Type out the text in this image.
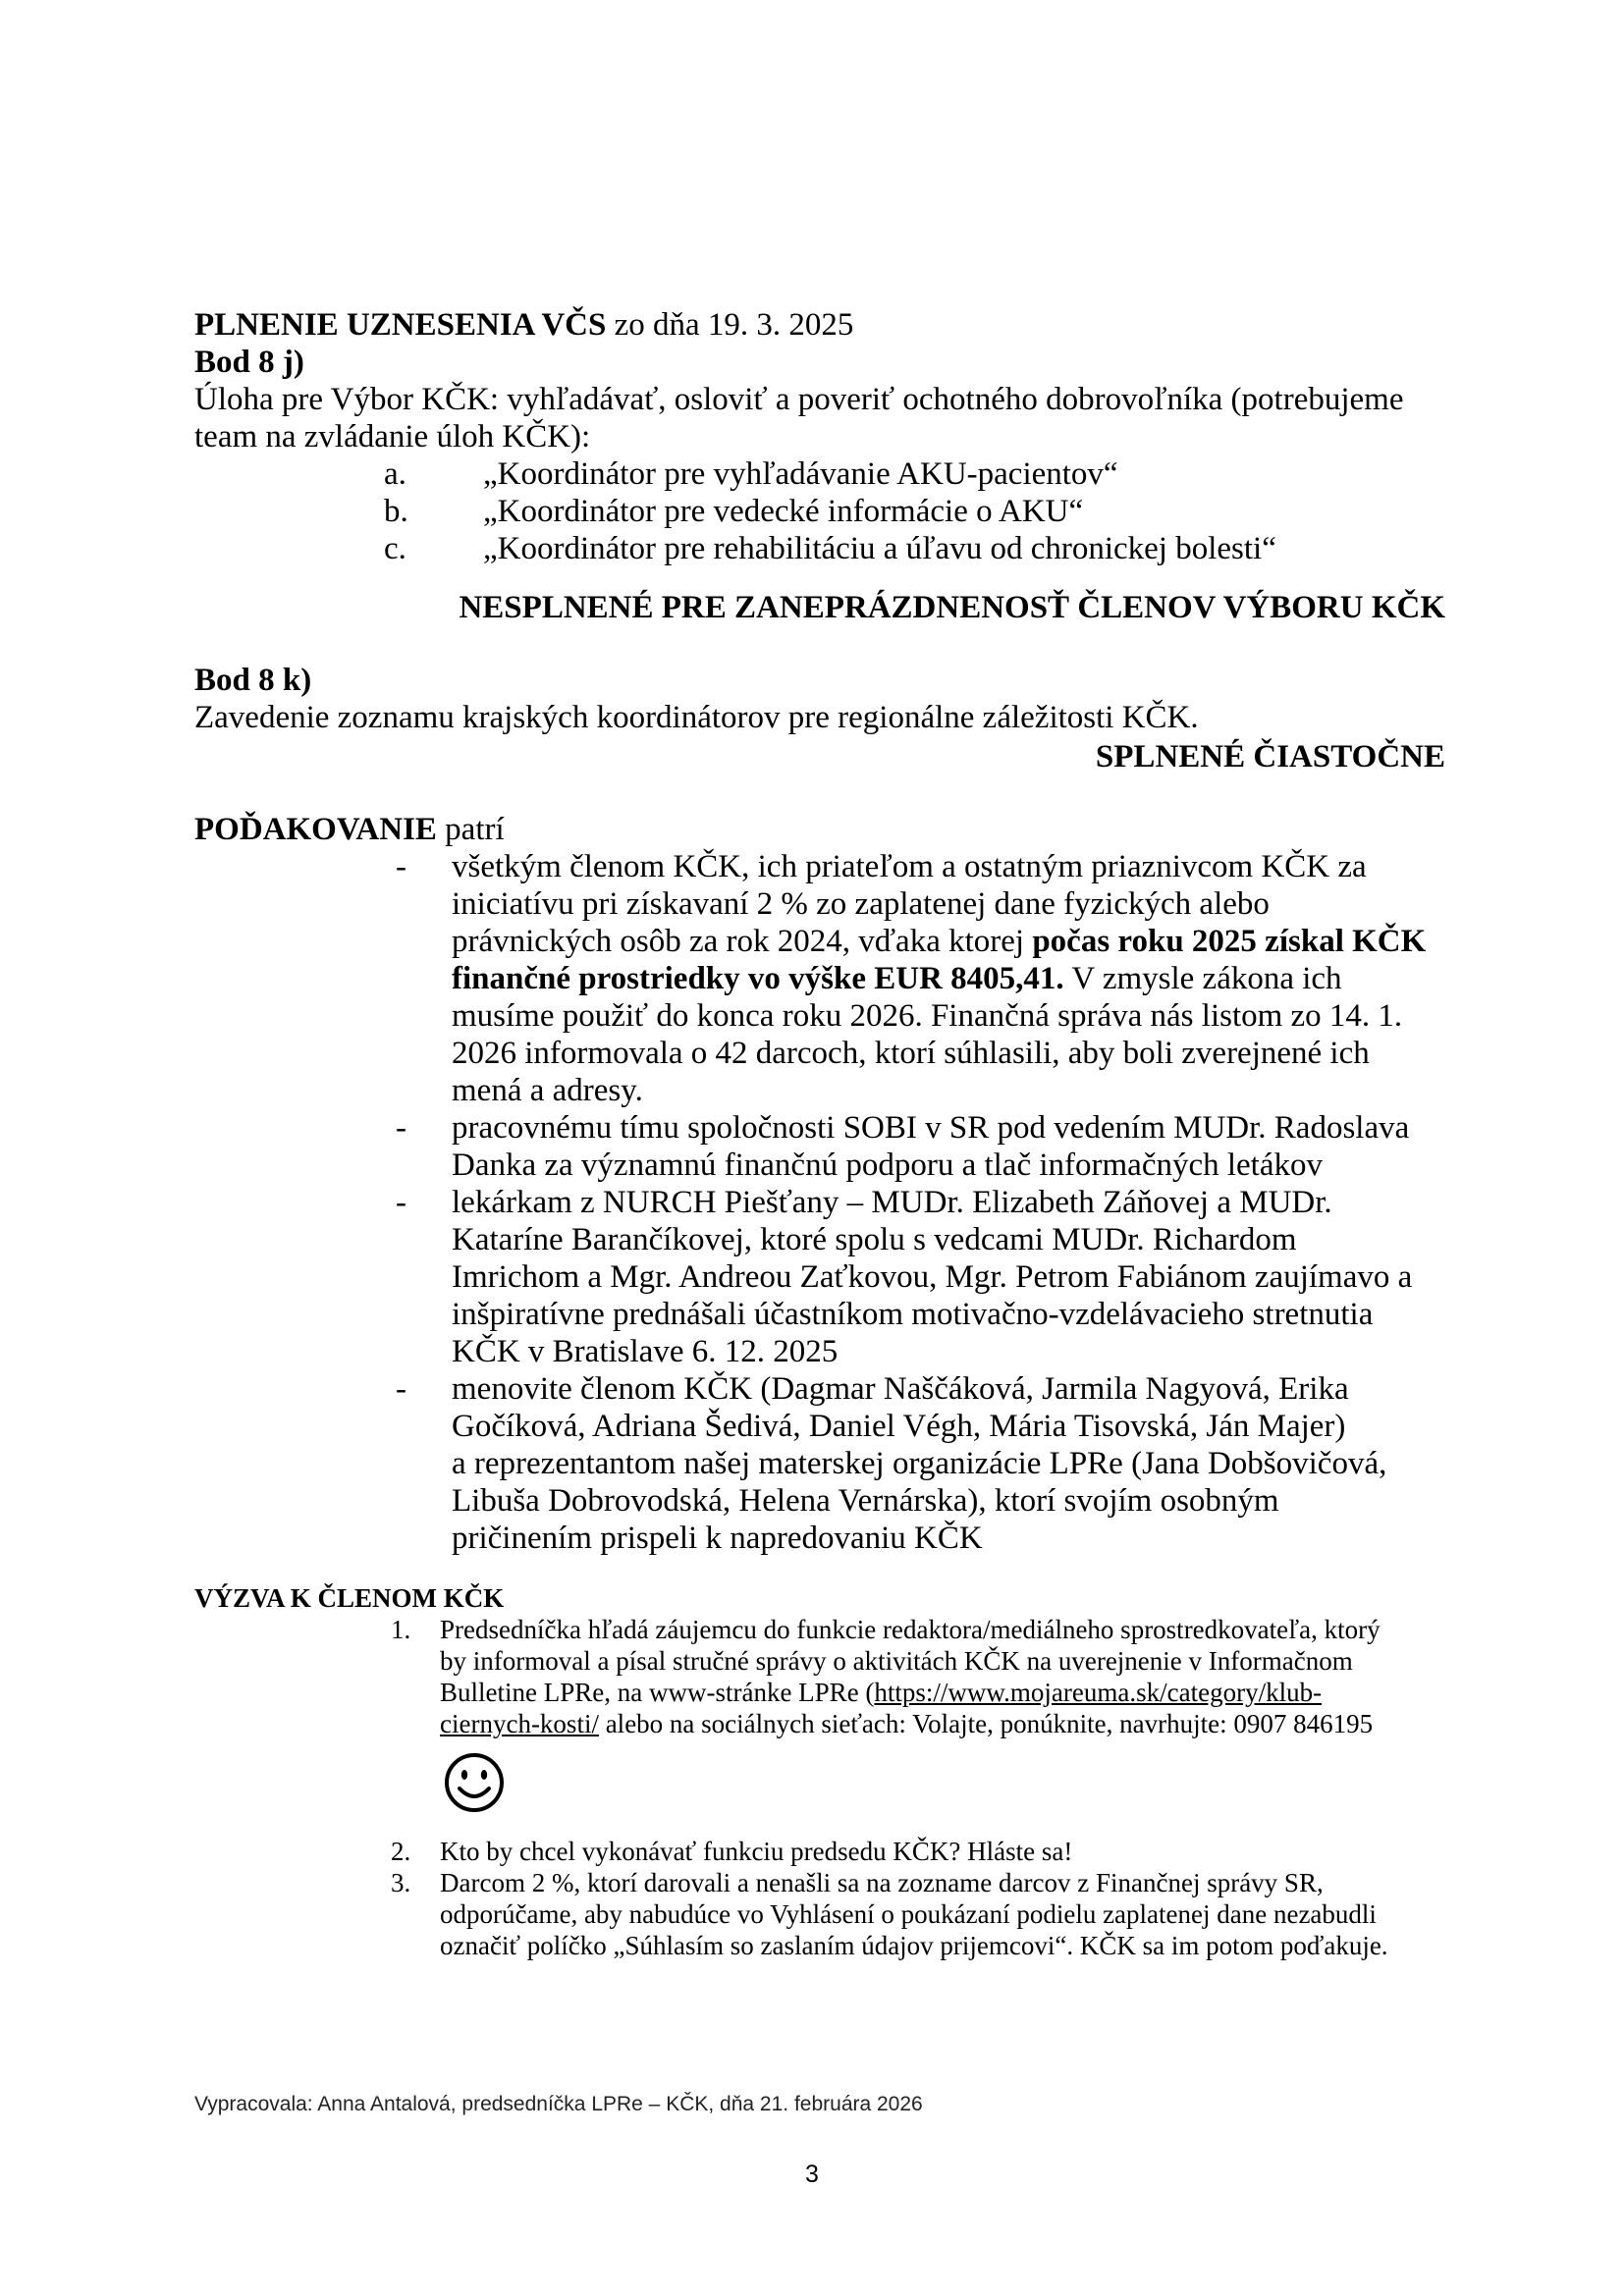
PLNENIE UZNESENIA VČS zo dňa 19. 3. 2025
Bod 8 j)
Úloha pre Výbor KČK: vyhľadávať, osloviť a poveriť ochotného dobrovoľníka (potrebujeme
team na zvládanie úloh KČK):
a. „Koordinátor pre vyhľadávanie AKU-pacientov“
b. „Koordinátor pre vedecké informácie o AKU“
c. „Koordinátor pre rehabilitáciu a úľavu od chronickej bolesti“
NESPLNENÉ PRE ZANEPRÁZDNENOSŤ ČLENOV VÝBORU KČK
Bod 8 k)
Zavedenie zoznamu krajských koordinátorov pre regionálne záležitosti KČK.
SPLNENÉ ČIASTOČNE
POĎAKOVANIE patrí
- všetkým členom KČK, ich priateľom a ostatným priaznivcom KČK za
iniciatívu pri získavaní 2 % zo zaplatenej dane fyzických alebo
právnických osôb za rok 2024, vďaka ktorej počas roku 2025 získal KČK
finančné prostriedky vo výške EUR 8405,41. V zmysle zákona ich
musíme použiť do konca roku 2026. Finančná správa nás listom zo 14. 1.
2026 informovala o 42 darcoch, ktorí súhlasili, aby boli zverejnené ich
mená a adresy.
- pracovnému tímu spoločnosti SOBI v SR pod vedením MUDr. Radoslava
Danka za významnú finančnú podporu a tlač informačných letákov
- lekárkam z NURCH Piešťany – MUDr. Elizabeth Záňovej a MUDr.
Kataríne Barančíkovej, ktoré spolu s vedcami MUDr. Richardom
Imrichom a Mgr. Andreou Zaťkovou, Mgr. Petrom Fabiánom zaujímavo a
inšpiratívne prednášali účastníkom motivačno-vzdelávacieho stretnutia
KČK v Bratislave 6. 12. 2025
- menovite členom KČK (Dagmar Naščáková, Jarmila Nagyová, Erika
Gočíková, Adriana Šedivá, Daniel Végh, Mária Tisovská, Ján Majer)
a reprezentantom našej materskej organizácie LPRe (Jana Dobšovičová,
Libuša Dobrovodská, Helena Vernárska), ktorí svojím osobným
pričinením prispeli k napredovaniu KČK
VÝZVA K ČLENOM KČK
1. Predsedníčka hľadá záujemcu do funkcie redaktora/mediálneho sprostredkovateľa, ktorý
by informoval a písal stručné správy o aktivitách KČK na uverejnenie v Informačnom
Bulletine LPRe, na www-stránke LPRe (https://www.mojareuma.sk/category/klub-
ciernych-kosti/ alebo na sociálnych sieťach: Volajte, ponúknite, navrhujte: 0907 846195
2. Kto by chcel vykonávať funkciu predsedu KČK? Hláste sa!
3. Darcom 2 %, ktorí darovali a nenašli sa na zozname darcov z Finančnej správy SR,
odporúčame, aby nabudúce vo Vyhlásení o poukázaní podielu zaplatenej dane nezabudli
označiť políčko „Súhlasím so zaslaním údajov prijemcovi“. KČK sa im potom poďakuje.
Vypracovala: Anna Antalová, predsedníčka LPRe – KČK, dňa 21. februára 2026
3
